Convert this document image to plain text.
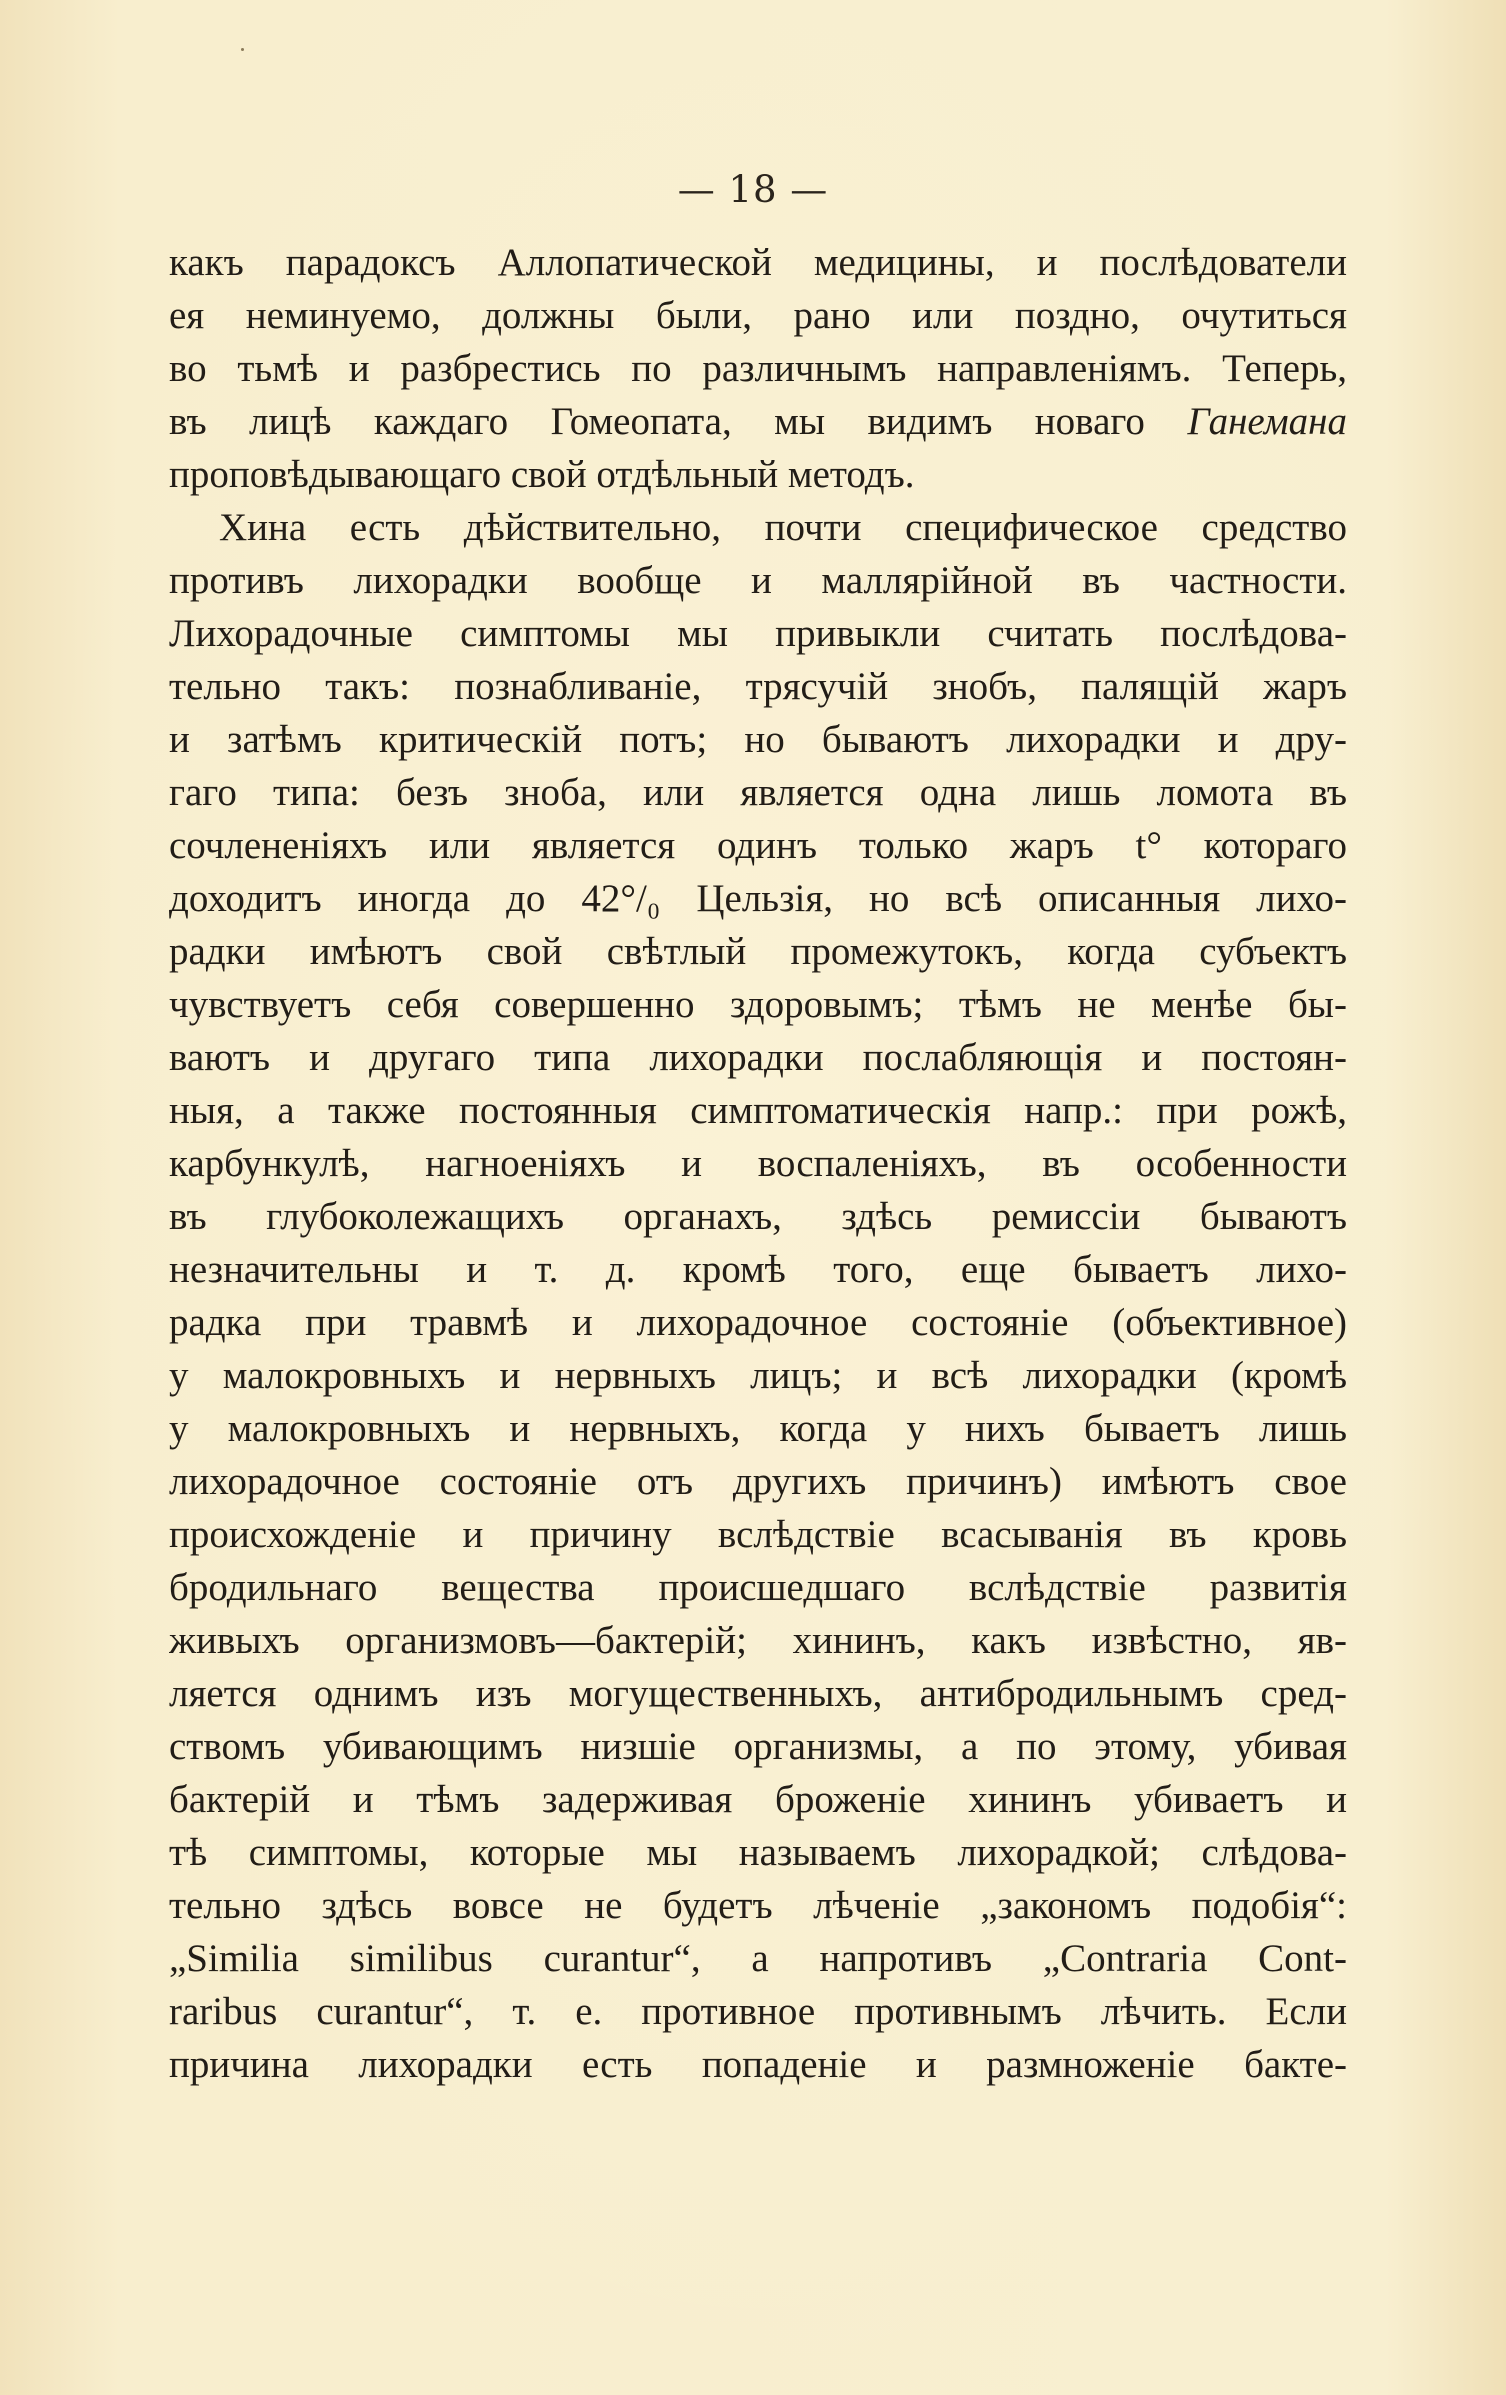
— 18 —
какъ парадоксъ Аллопатической медицины, и послѣдователи
ея неминуемо, должны были, рано или поздно, очутиться
во тьмѣ и разбрестись по различнымъ направленіямъ. Теперь,
въ лицѣ каждаго Гомеопата, мы видимъ новаго Ганемана
проповѣдывающаго свой отдѣльный методъ.
Хина есть дѣйствительно, почти специфическое средство
противъ лихорадки вообще и маллярійной въ частности.
Лихорадочные симптомы мы привыкли считать послѣдова-
тельно такъ: познабливаніе, трясучій знобъ, палящій жаръ
и затѣмъ критическій потъ; но бываютъ лихорадки и дру-
гаго типа: безъ зноба, или является одна лишь ломота въ
сочлененіяхъ или является одинъ только жаръ t° котораго
доходитъ иногда до 42°/₀ Цельзія, но всѣ описанныя лихо-
радки имѣютъ свой свѣтлый промежутокъ, когда субъектъ
чувствуетъ себя совершенно здоровымъ; тѣмъ не менѣе бы-
ваютъ и другаго типа лихорадки послабляющія и постоян-
ныя, а также постоянныя симптоматическія напр.: при рожѣ,
карбункулѣ, нагноеніяхъ и воспаленіяхъ, въ особенности
въ глубоколежащихъ органахъ, здѣсь ремиссіи бываютъ
незначительны и т. д. кромѣ того, еще бываетъ лихо-
радка при травмѣ и лихорадочное состояніе (объективное)
у малокровныхъ и нервныхъ лицъ; и всѣ лихорадки (кромѣ
у малокровныхъ и нервныхъ, когда у нихъ бываетъ лишь
лихорадочное состояніе отъ другихъ причинъ) имѣютъ свое
происхожденіе и причину вслѣдствіе всасыванія въ кровь
бродильнаго вещества происшедшаго вслѣдствіе развитія
живыхъ организмовъ—бактерій; хининъ, какъ извѣстно, яв-
ляется однимъ изъ могущественныхъ, антибродильнымъ сред-
ствомъ убивающимъ низшіе организмы, а по этому, убивая
бактерій и тѣмъ задерживая броженіе хининъ убиваетъ и
тѣ симптомы, которые мы называемъ лихорадкой; слѣдова-
тельно здѣсь вовсе не будетъ лѣченіе „закономъ подобія“:
„Similia similibus curantur“, а напротивъ „Contraria Cont-
raribus curantur“, т. е. противное противнымъ лѣчить. Если
причина лихорадки есть попаденіе и размноженіе бакте-
